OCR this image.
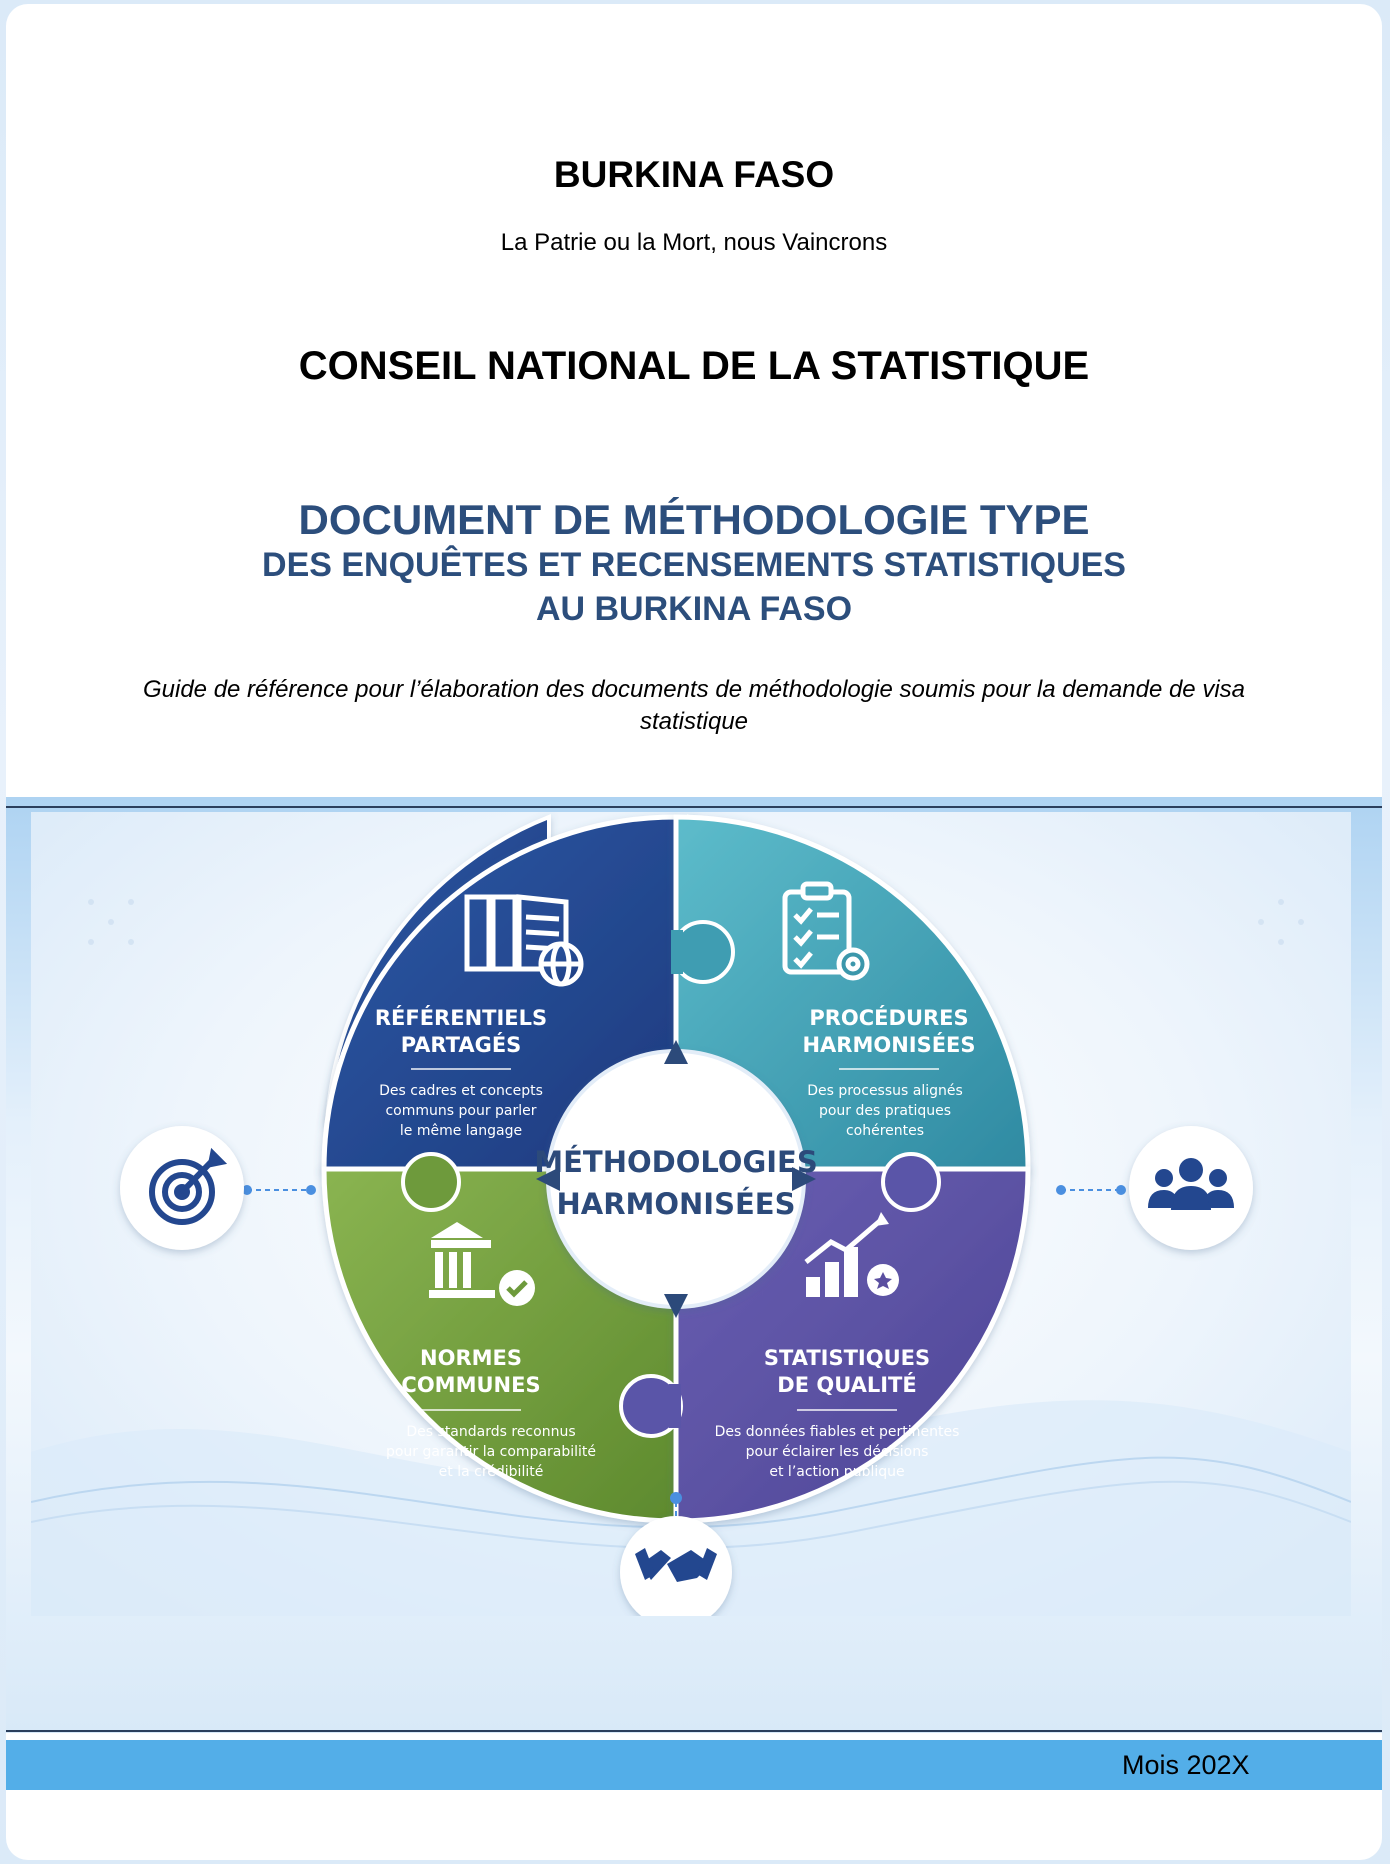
BURKINA FASO
La Patrie ou la Mort, nous Vaincrons
CONSEIL NATIONAL DE LA STATISTIQUE
DOCUMENT DE MÉTHODOLOGIE TYPE
DES ENQUÊTES ET RECENSEMENTS STATISTIQUES
AU BURKINA FASO
Guide de référence pour l’élaboration des documents de méthodologie soumis pour la demande de visa statistique
MÉTHODOLOGIES
HARMONISÉES
RÉFÉRENTIELS
PARTAGÉS
Des cadres et concepts
communs pour parler
le même langage
PROCÉDURES
HARMONISÉES
Des processus alignés
pour des pratiques
cohérentes
NORMES
COMMUNES
Des standards reconnus
pour garantir la comparabilité
et la crédibilité
STATISTIQUES
DE QUALITÉ
Des données fiables et pertinentes
pour éclairer les décisions
et l’action publique
Mois 202X
